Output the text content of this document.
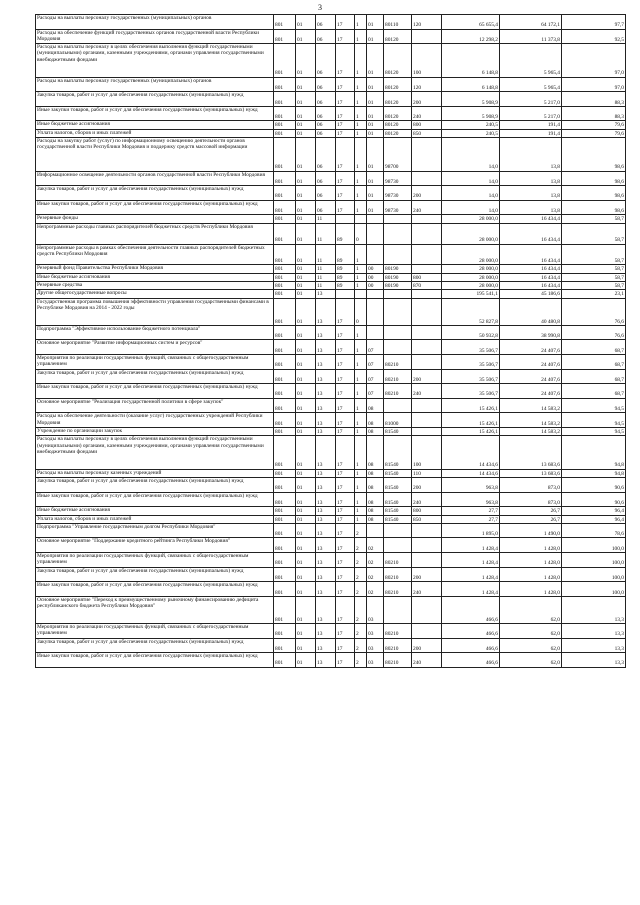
3
Расходы на выплаты персоналу государственных (муниципальных) органов	801	01	06	17	1	01	80110	120	65 655,4	64 172,1	97,7
Расходы на обеспечение функций государственных органов государственной власти Республики Мордовия	801	01	06	17	1	01	80120		12 298,2	11 373,8	92,5
Расходы на выплаты персоналу в целях обеспечения выполнения функций государственными (муниципальными) органами, казенными учреждениями, органами управления государственными внебюджетными фондами	801	01	06	17	1	01	80120	100	6 148,8	5 965,4	97,0
Расходы на выплаты персоналу государственных (муниципальных) органов	801	01	06	17	1	01	80120	120	6 148,8	5 965,4	97,0
Закупка товаров, работ и услуг для обеспечения государственных (муниципальных) нужд	801	01	06	17	1	01	80120	200	5 908,9	5 217,0	88,3
Иные закупки товаров, работ и услуг для обеспечения государственных (муниципальных) нужд	801	01	06	17	1	01	80120	240	5 908,9	5 217,0	88,3
Иные бюджетные ассигнования	801	01	06	17	1	01	80120	800	240,5	191,4	79,6
Уплата налогов, сборов и иных платежей	801	01	06	17	1	01	80120	850	240,5	191,4	79,6
Расходы на закупку работ (услуг) по информационному освещению деятельности органов государственной власти Республики Мордовия и поддержку средств массовой информации	801	01	06	17	1	01	98700		14,0	13,8	98,6
Информационное освещение деятельности органов государственной власти Республики Мордовия	801	01	06	17	1	01	98730		14,0	13,8	98,6
Закупка товаров, работ и услуг для обеспечения государственных (муниципальных) нужд	801	01	06	17	1	01	98730	200	14,0	13,8	98,6
Иные закупки товаров, работ и услуг для обеспечения государственных (муниципальных) нужд	801	01	06	17	1	01	98730	240	14,0	13,8	98,6
Резервные фонды	801	01	11						28 000,0	16 434,4	58,7
Непрограммные расходы главных распорядителей бюджетных средств Республики Мордовия	801	01	11	89	0				28 000,0	16 434,4	58,7
Непрограммные расходы в рамках обеспечения деятельности главных распорядителей бюджетных средств Республики Мордовия	801	01	11	89	1				28 000,0	16 434,4	58,7
Резервный фонд Правительства Республики Мордовия	801	01	11	89	1	00	80190		28 000,0	16 434,4	58,7
Иные бюджетные ассигнования	801	01	11	89	1	00	80190	800	28 000,0	16 434,4	58,7
Резервные средства	801	01	11	89	1	00	80190	870	28 000,0	16 434,4	58,7
Другие общегосударственные вопросы	801	01	13						195 541,1	45 186,6	23,1
Государственная программа повышения эффективности управления государственными финансами в Республике Мордовия на 2014 - 2022 годы	801	01	13	17	0				52 827,8	40 480,8	76,6
Подпрограмма "Эффективное использование бюджетного потенциала"	801	01	13	17	1				50 932,8	38 990,8	76,6
Основное мероприятие "Развитие информационных систем и ресурсов"	801	01	13	17	1	07			35 506,7	24 407,6	68,7
Мероприятия по реализации государственных функций, связанных с общегосударственным управлением	801	01	13	17	1	07	80210		35 506,7	24 407,6	68,7
Закупка товаров, работ и услуг для обеспечения государственных (муниципальных) нужд	801	01	13	17	1	07	80210	200	35 506,7	24 407,6	68,7
Иные закупки товаров, работ и услуг для обеспечения государственных (муниципальных) нужд	801	01	13	17	1	07	80210	240	35 506,7	24 407,6	68,7
Основное мероприятие "Реализация государственной политики в сфере закупок"	801	01	13	17	1	08			15 426,1	14 583,2	94,5
Расходы на обеспечение деятельности (оказание услуг) государственных учреждений Республики Мордовия	801	01	13	17	1	08	81000		15 426,1	14 583,2	94,5
Учреждение по организации закупок	801	01	13	17	1	08	81540		15 426,1	14 583,2	94,5
Расходы на выплаты персоналу в целях обеспечения выполнения функций государственными (муниципальными) органами, казенными учреждениями, органами управления государственными внебюджетными фондами	801	01	13	17	1	08	81540	100	14 434,6	13 683,6	94,8
Расходы на выплаты персоналу казенных учреждений	801	01	13	17	1	08	81540	110	14 434,6	13 683,6	94,8
Закупка товаров, работ и услуг для обеспечения государственных (муниципальных) нужд	801	01	13	17	1	08	81540	200	963,8	873,0	90,6
Иные закупки товаров, работ и услуг для обеспечения государственных (муниципальных) нужд	801	01	13	17	1	08	81540	240	963,8	873,0	90,6
Иные бюджетные ассигнования	801	01	13	17	1	08	81540	800	27,7	26,7	96,4
Уплата налогов, сборов и иных платежей	801	01	13	17	1	08	81540	850	27,7	26,7	96,4
Подпрограмма "Управление государственным долгом Республики Мордовия"	801	01	13	17	2				1 895,0	1 490,0	78,6
Основное мероприятие "Поддержание кредитного рейтинга Республики Мордовия"	801	01	13	17	2	02			1 428,4	1 428,0	100,0
Мероприятия по реализации государственных функций, связанных с общегосударственным управлением	801	01	13	17	2	02	80210		1 428,4	1 428,0	100,0
Закупка товаров, работ и услуг для обеспечения государственных (муниципальных) нужд	801	01	13	17	2	02	80210	200	1 428,4	1 428,0	100,0
Иные закупки товаров, работ и услуг для обеспечения государственных (муниципальных) нужд	801	01	13	17	2	02	80210	240	1 428,4	1 428,0	100,0
Основное мероприятие "Переход к преимущественному рыночному финансированию дефицита республиканского бюджета Республики Мордовия"	801	01	13	17	2	03			466,6	62,0	13,3
Мероприятия по реализации государственных функций, связанных с общегосударственным управлением	801	01	13	17	2	03	80210		466,6	62,0	13,3
Закупка товаров, работ и услуг для обеспечения государственных (муниципальных) нужд	801	01	13	17	2	03	80210	200	466,6	62,0	13,3
Иные закупки товаров, работ и услуг для обеспечения государственных (муниципальных) нужд	801	01	13	17	2	03	80210	240	466,6	62,0	13,3
